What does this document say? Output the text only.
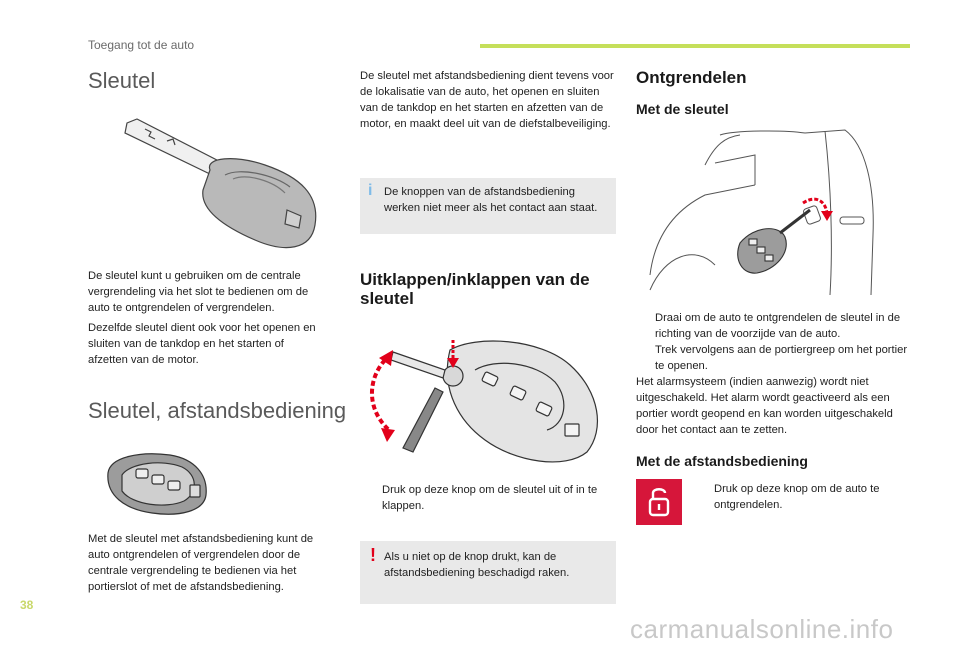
Toegang tot de auto
Sleutel

De sleutel kunt u gebruiken om de centrale vergrendeling via het slot te bedienen om de auto te ontgrendelen of vergrendelen.

Dezelfde sleutel dient ook voor het openen en sluiten van de tankdop en het starten of afzetten van de motor.

Sleutel, afstandsbediening

Met de sleutel met afstandsbediening kunt de auto ontgrendelen of vergrendelen door de centrale vergrendeling te bedienen via het portierslot of met de afstandsbediening.

De sleutel met afstandsbediening dient tevens voor de lokalisatie van de auto, het openen en sluiten van de tankdop en het starten en afzetten van de motor, en maakt deel uit van de diefstalbeveiliging.

i De knoppen van de afstandsbediening werken niet meer als het contact aan staat.

Uitklappen/inklappen van de sleutel

Druk op deze knop om de sleutel uit of in te klappen.

! Als u niet op de knop drukt, kan de afstandsbediening beschadigd raken.

Ontgrendelen
Met de sleutel

Draai om de auto te ontgrendelen de sleutel in de richting van de voorzijde van de auto.

Trek vervolgens aan de portiergreep om het portier te openen.

Het alarmsysteem (indien aanwezig) wordt niet uitgeschakeld. Het alarm wordt geactiveerd als een portier wordt geopend en kan worden uitgeschakeld door het contact aan te zetten.

Met de afstandsbediening

Druk op deze knop om de auto te ontgrendelen.

38
carmanualsonline.info
